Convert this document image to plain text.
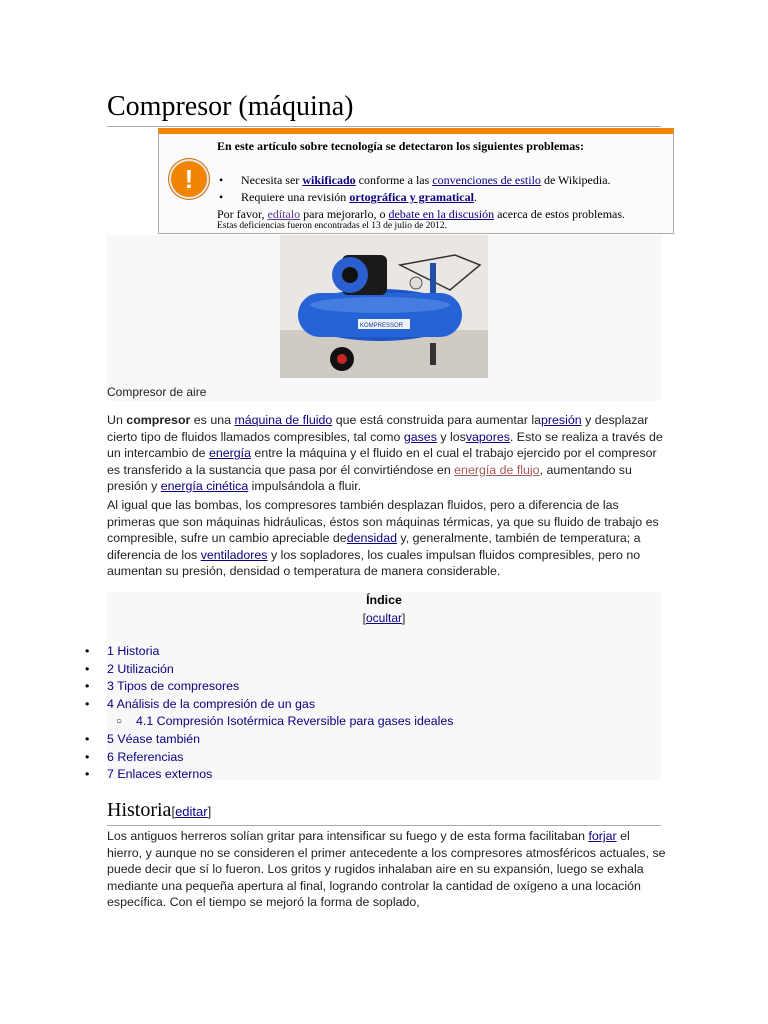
Compresor (máquina)
!
En este artículo sobre tecnología se detectaron los siguientes problemas:
• Necesita ser wikificado conforme a las convenciones de estilo de Wikipedia.
• Requiere una revisión ortográfica y gramatical.
Por favor, edítalo para mejorarlo, o debate en la discusión acerca de estos problemas.
Estas deficiencias fueron encontradas el 13 de julio de 2012.
KOMPRESSOR
Compresor de aire

Un compresor es una máquina de fluido que está construida para aumentar lapresión y desplazar cierto tipo de fluidos llamados compresibles, tal como gases y losvapores. Esto se realiza a través de un intercambio de energía entre la máquina y el fluido en el cual el trabajo ejercido por el compresor es transferido a la sustancia que pasa por él convirtiéndose en energía de flujo, aumentando su presión y energía cinética impulsándola a fluir.

Al igual que las bombas, los compresores también desplazan fluidos, pero a diferencia de las primeras que son máquinas hidráulicas, éstos son máquinas térmicas, ya que su fluido de trabajo es compresible, sufre un cambio apreciable dedensidad y, generalmente, también de temperatura; a diferencia de los ventiladores y los sopladores, los cuales impulsan fluidos compresibles, pero no aumentan su presión, densidad o temperatura de manera considerable.

Índice
[ocultar]
• 1 Historia
• 2 Utilización
• 3 Tipos de compresores
• 4 Análisis de la compresión de un gas
○ 4.1 Compresión Isotérmica Reversible para gases ideales
• 5 Véase también
• 6 Referencias
• 7 Enlaces externos
Historia[editar]

Los antiguos herreros solían gritar para intensificar su fuego y de esta forma facilitaban forjar el hierro, y aunque no se consideren el primer antecedente a los compresores atmosféricos actuales, se puede decir que sí lo fueron. Los gritos y rugidos inhalaban aire en su expansión, luego se exhala mediante una pequeña apertura al final, logrando controlar la cantidad de oxígeno a una locación específica. Con el tiempo se mejoró la forma de soplado,
